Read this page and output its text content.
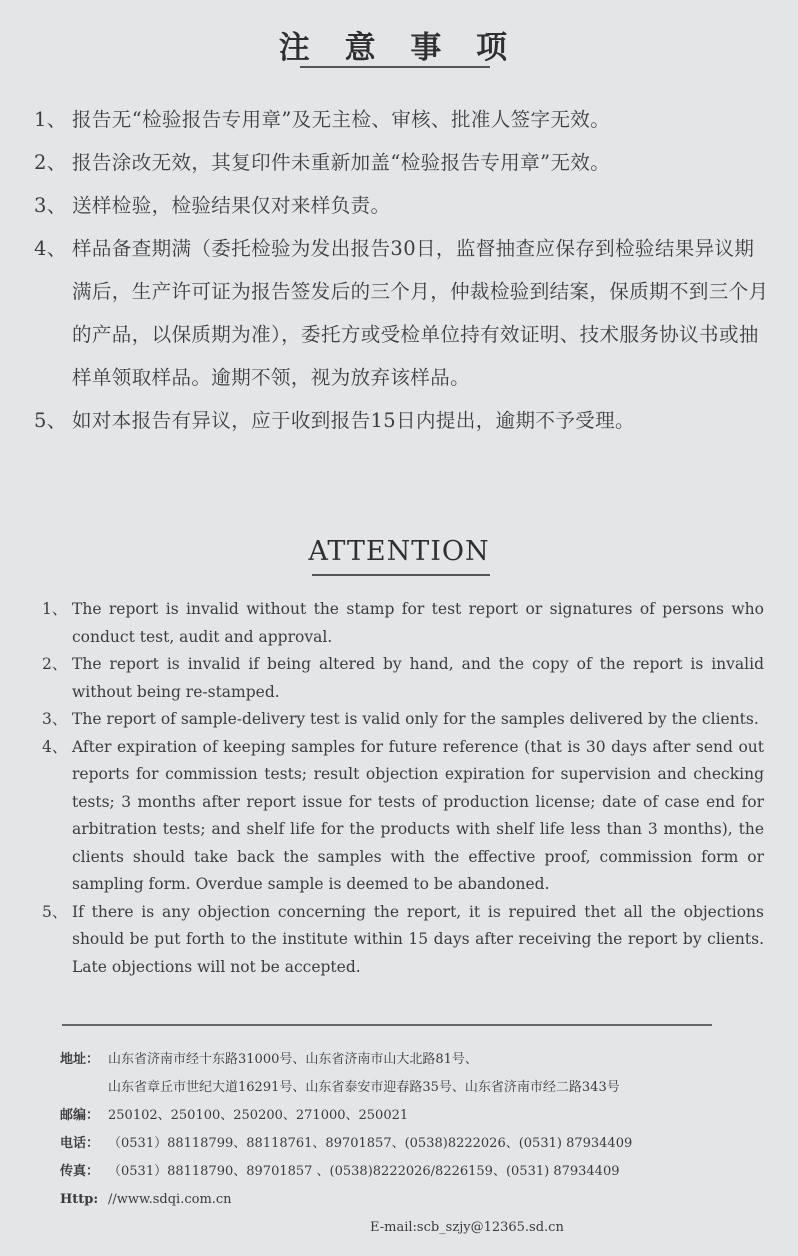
注 意 事 项
1、 报告无“检验报告专用章”及无主检、审核、批准人签字无效。
2、 报告涂改无效，其复印件未重新加盖“检验报告专用章”无效。
3、 送样检验，检验结果仅对来样负责。
4、 样品备查期满（委托检验为发出报告30日，监督抽查应保存到检验结果异议期满后，生产许可证为报告签发后的三个月，仲裁检验到结案，保质期不到三个月的产品，以保质期为准），委托方或受检单位持有效证明、技术服务协议书或抽样单领取样品。逾期不领，视为放弃该样品。
5、 如对本报告有异议，应于收到报告15日内提出，逾期不予受理。
ATTENTION
1、 The report is invalid without the stamp for test report or signatures of persons who conduct test, audit and approval.
2、 The report is invalid if being altered by hand, and the copy of the report is invalid without being re-stamped.
3、 The report of sample-delivery test is valid only for the samples delivered by the clients.
4、 After expiration of keeping samples for future reference (that is 30 days after send out reports for commission tests; result objection expiration for supervision and checking tests; 3 months after report issue for tests of production license; date of case end for arbitration tests; and shelf life for the products with shelf life less than 3 months), the clients should take back the samples with the effective proof, commission form or sampling form. Overdue sample is deemed to be abandoned.
5、 If there is any objection concerning the report, it is repuired thet all the objections should be put forth to the institute within 15 days after receiving the report by clients. Late objections will not be accepted.
地址： 山东省济南市经十东路31000号、山东省济南市山大北路81号、
山东省章丘市世纪大道16291号、山东省泰安市迎春路35号、山东省济南市经二路343号
邮编： 250102、250100、250200、271000、250021
电话： （0531）88118799、88118761、89701857、(0538)8222026、(0531) 87934409
传真： （0531）88118790、89701857 、(0538)8222026/8226159、(0531) 87934409
Http: //www.sdqi.com.cn
E-mail:scb_szjy@12365.sd.cn
